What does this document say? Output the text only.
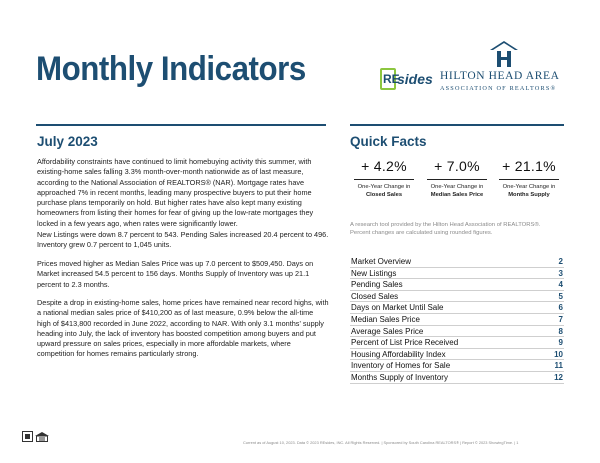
Monthly Indicators	RE
sides HILTON HEAD AREA
ASSOCIATION OF REALTORS®
July 2023
Affordability constraints have continued to limit homebuying activity this summer, with existing-home sales falling 3.3% month-over-month nationwide as of last measure, according to the National Association of REALTORS® (NAR). Mortgage rates have approached 7% in recent months, leading many prospective buyers to put their home purchase plans temporarily on hold. But higher rates have also kept many existing homeowners from listing their homes for fear of giving up the low-rate mortgages they locked in a few years ago, when rates were significantly lower.
New Listings were down 8.7 percent to 543. Pending Sales increased 20.4 percent to 496. Inventory grew 0.7 percent to 1,045 units.
Prices moved higher as Median Sales Price was up 7.0 percent to $509,450. Days on Market increased 54.5 percent to 156 days. Months Supply of Inventory was up 21.1 percent to 2.3 months.
Despite a drop in existing-home sales, home prices have remained near record highs, with a national median sales price of $410,200 as of last measure, 0.9% below the all-time high of $413,800 recorded in June 2022, according to NAR. With only 3.1 months' supply heading into July, the lack of inventory has boosted competition among buyers and put upward pressure on sales prices, especially in more affordable markets, where competition for homes remains particularly strong.
Quick Facts
+ 4.2%
One-Year Change in
Closed Sales
+ 7.0%
One-Year Change in
Median Sales Price
+ 21.1%
One-Year Change in
Months Supply
A research tool provided by the Hilton Head Association of REALTORS®.
Percent changes are calculated using rounded figures.
Market Overview	2
New Listings	3
Pending Sales	4
Closed Sales	5
Days on Market Until Sale	6
Median Sales Price	7
Average Sales Price	8
Percent of List Price Received	9
Housing Affordability Index	10
Inventory of Homes for Sale	11
Months Supply of Inventory	12
Current as of August 10, 2023. Data © 2023 REsides, INC. All Rights Reserved. | Sponsored by South Carolina REALTORS® | Report © 2023 ShowingTime. | 1
